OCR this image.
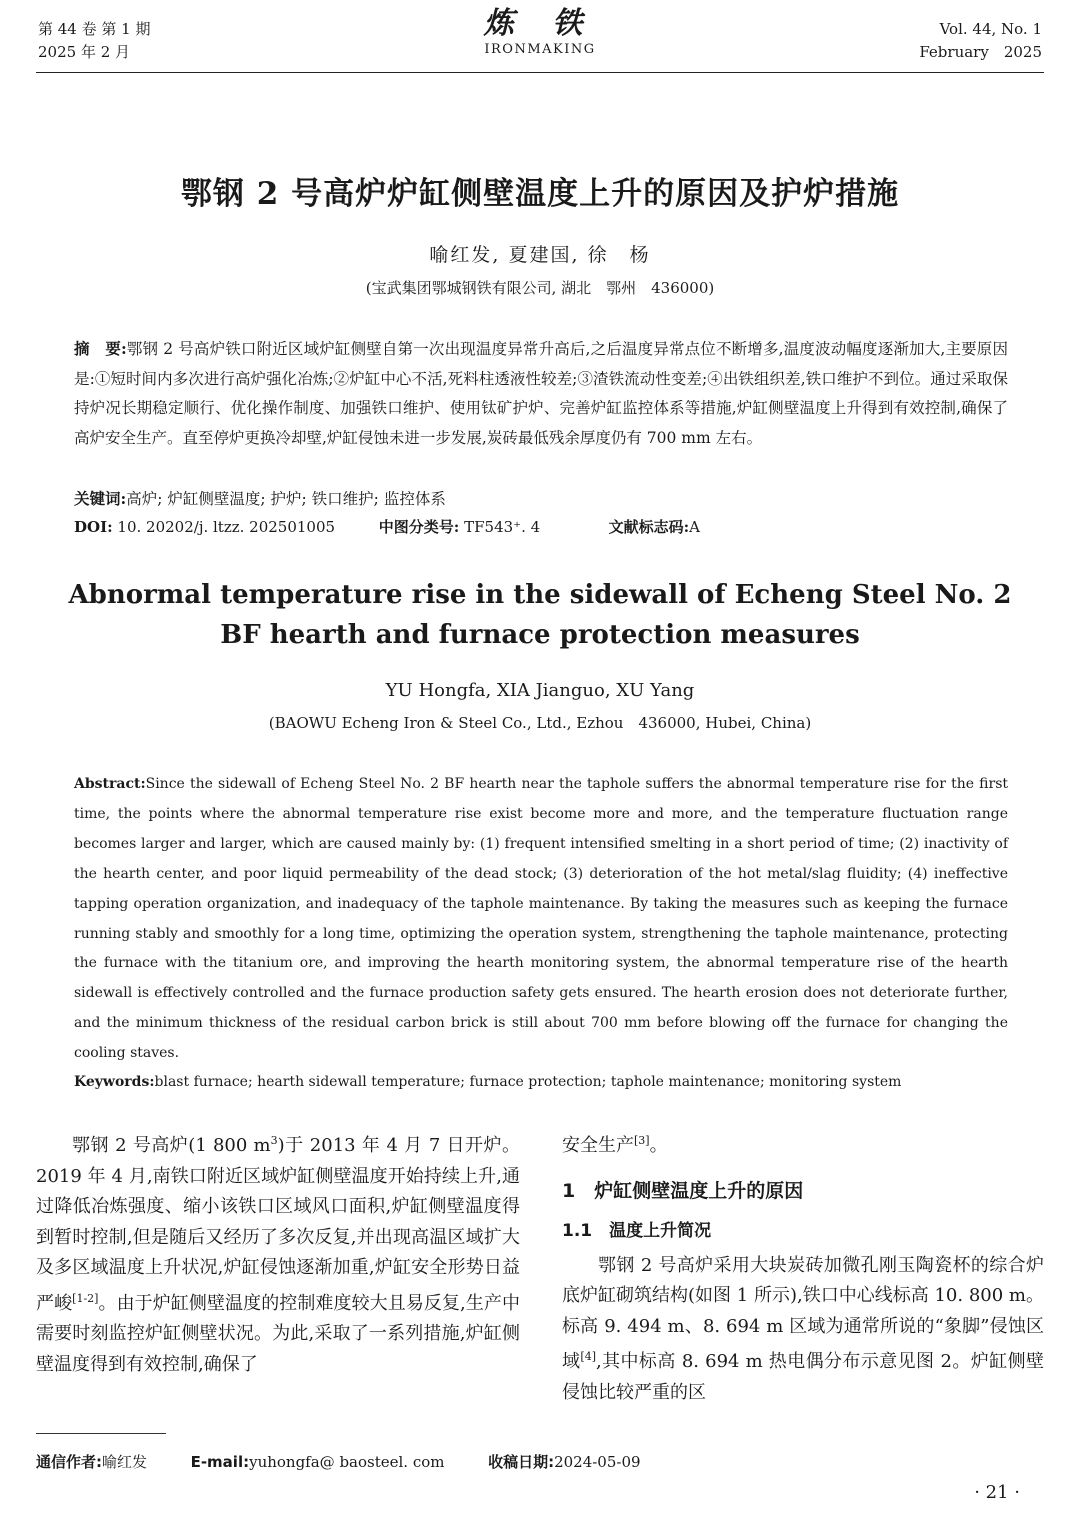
第 44 卷 第 1 期
2025 年 2 月
炼 铁
IRONMAKING
Vol. 44, No. 1
February　2025
鄂钢 2 号高炉炉缸侧壁温度上升的原因及护炉措施
喻红发, 夏建国, 徐　杨
(宝武集团鄂城钢铁有限公司, 湖北　鄂州　436000)
摘　要:鄂钢 2 号高炉铁口附近区域炉缸侧壁自第一次出现温度异常升高后,之后温度异常点位不断增多,温度波动幅度逐渐加大,主要原因是:①短时间内多次进行高炉强化冶炼;②炉缸中心不活,死料柱透液性较差;③渣铁流动性变差;④出铁组织差,铁口维护不到位。通过采取保持炉况长期稳定顺行、优化操作制度、加强铁口维护、使用钛矿护炉、完善炉缸监控体系等措施,炉缸侧壁温度上升得到有效控制,确保了高炉安全生产。直至停炉更换冷却壁,炉缸侵蚀未进一步发展,炭砖最低残余厚度仍有 700 mm 左右。
关键词:高炉; 炉缸侧壁温度; 护炉; 铁口维护; 监控体系
DOI: 10. 20202/j. ltzz. 202501005	中图分类号: TF543⁺. 4	文献标志码:A
Abnormal temperature rise in the sidewall of Echeng Steel No. 2 BF hearth and furnace protection measures
YU Hongfa, XIA Jianguo, XU Yang
(BAOWU Echeng Iron & Steel Co., Ltd., Ezhou　436000, Hubei, China)
Abstract:Since the sidewall of Echeng Steel No. 2 BF hearth near the taphole suffers the abnormal temperature rise for the first time, the points where the abnormal temperature rise exist become more and more, and the temperature fluctuation range becomes larger and larger, which are caused mainly by: (1) frequent intensified smelting in a short period of time; (2) inactivity of the hearth center, and poor liquid permeability of the dead stock; (3) deterioration of the hot metal/slag fluidity; (4) ineffective tapping operation organization, and inadequacy of the taphole maintenance. By taking the measures such as keeping the furnace running stably and smoothly for a long time, optimizing the operation system, strengthening the taphole maintenance, protecting the furnace with the titanium ore, and improving the hearth monitoring system, the abnormal temperature rise of the hearth sidewall is effectively controlled and the furnace production safety gets ensured. The hearth erosion does not deteriorate further, and the minimum thickness of the residual carbon brick is still about 700 mm before blowing off the furnace for changing the cooling staves.
Keywords:blast furnace; hearth sidewall temperature; furnace protection; taphole maintenance; monitoring system
鄂钢 2 号高炉(1 800 $m^3$)于 2013 年 4 月 7 日开炉。2019 年 4 月,南铁口附近区域炉缸侧壁温度开始持续上升,通过降低冶炼强度、缩小该铁口区域风口面积,炉缸侧壁温度得到暂时控制,但是随后又经历了多次反复,并出现高温区域扩大及多区域温度上升状况,炉缸侵蚀逐渐加重,炉缸安全形势日益严峻[1-2]。由于炉缸侧壁温度的控制难度较大且易反复,生产中需要时刻监控炉缸侧壁状况。为此,采取了一系列措施,炉缸侧壁温度得到有效控制,确保了
安全生产[3]。
1　炉缸侧壁温度上升的原因
1.1　温度上升简况
鄂钢 2 号高炉采用大块炭砖加微孔刚玉陶瓷杯的综合炉底炉缸砌筑结构(如图 1 所示),铁口中心线标高 10. 800 m。标高 9. 494 m、8. 694 m 区域为通常所说的“象脚”侵蚀区域[4],其中标高 8. 694 m 热电偶分布示意见图 2。炉缸侧壁侵蚀比较严重的区
通信作者:喻红发	E-mail:yuhongfa@ baosteel. com	收稿日期:2024-05-09
· 21 ·
